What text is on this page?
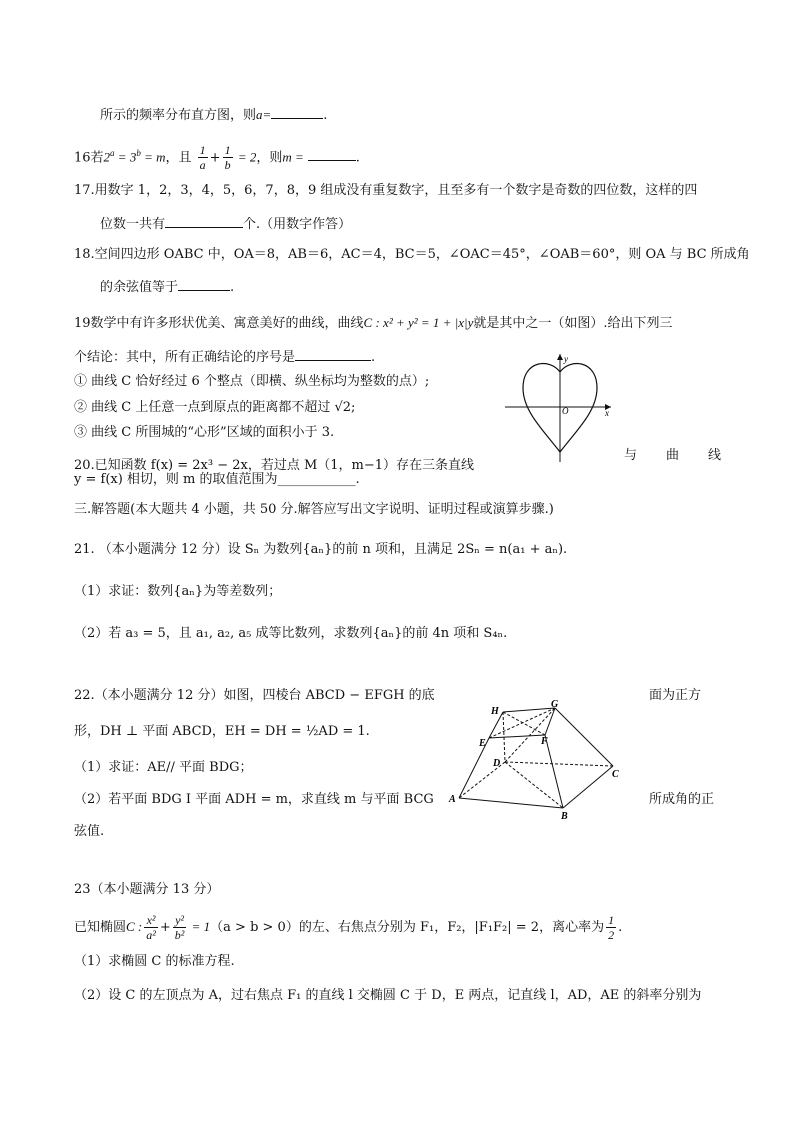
所示的频率分布直方图，则a=	.
16若$2^a = 3^b = m$，且 $\frac{1}{a} + \frac{1}{b} = 2$，则m =	.
17.用数字 1，2，3，4，5，6，7，8，9 组成没有重复数字，且至多有一个数字是奇数的四位数，这样的四
位数一共有	个.（用数字作答）
18.空间四边形 OABC 中，OA＝8，AB＝6，AC＝4，BC＝5，∠OAC＝45°，∠OAB＝60°，则 OA 与 BC 所成角
的余弦值等于	.
19数学中有许多形状优美、寓意美好的曲线，曲线C : x² + y² = 1 + |x|y就是其中之一（如图）.给出下列三
个结论：其中，所有正确结论的序号是	.
① 曲线 C 恰好经过 6 个整点（即横、纵坐标均为整数的点）;
② 曲线 C 上任意一点到原点的距离都不超过 √2;
③ 曲线 C 所围城的“心形”区域的面积小于 3.
y
x
O
20.已知函数 f(x) = 2x³ − 2x，若过点 M（1，m−1）存在三条直线
与 曲 线
y = f(x) 相切，则 m 的取值范围为____________.
三.解答题(本大题共 4 小题，共 50 分.解答应写出文字说明、证明过程或演算步骤.)
21. （本小题满分 12 分）设 Sₙ 为数列{aₙ}的前 n 项和，且满足 2Sₙ = n(a₁ + aₙ).
（1）求证：数列{aₙ}为等差数列；
（2）若 a₃ = 5，且 a₁, a₂, a₅ 成等比数列，求数列{aₙ}的前 4n 项和 S₄ₙ.
22.（本小题满分 12 分）如图，四棱台 ABCD − EFGH 的底	面为正方
形，DH ⊥ 平面 ABCD，EH = DH = ½AD = 1.
（1）求证：AE// 平面 BDG；
（2）若平面 BDG Ⅰ 平面 ADH = m，求直线 m 与平面 BCG	所成角的正
弦值.
H
G
E	F
D
C
A
B
23（本小题满分 13 分）
已知椭圆C : $\frac{\text{x²}}{\text{a²}} + \frac{\text{y²}}{\text{b²}} = 1(a > b > 0)$的左、右焦点分别为 F₁，F₂，|F₁F₂| = 2，离心率为 $\frac{1}{2}$ .
（1）求椭圆 C 的标准方程.
（2）设 C 的左顶点为 A，过右焦点 F₁ 的直线 l 交椭圆 C 于 D，E 两点，记直线 l，AD，AE 的斜率分别为
